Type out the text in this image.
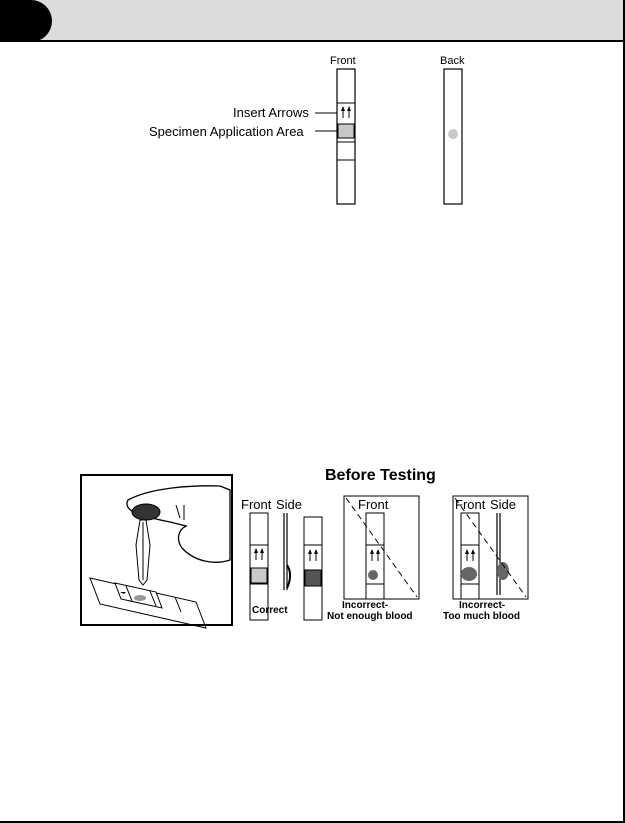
Front	Back
Insert Arrows
Specimen Application Area
Before Testing
Front Side
Correct
Front
Incorrect-
Not enough blood
Front Side
Incorrect-
Too much blood
